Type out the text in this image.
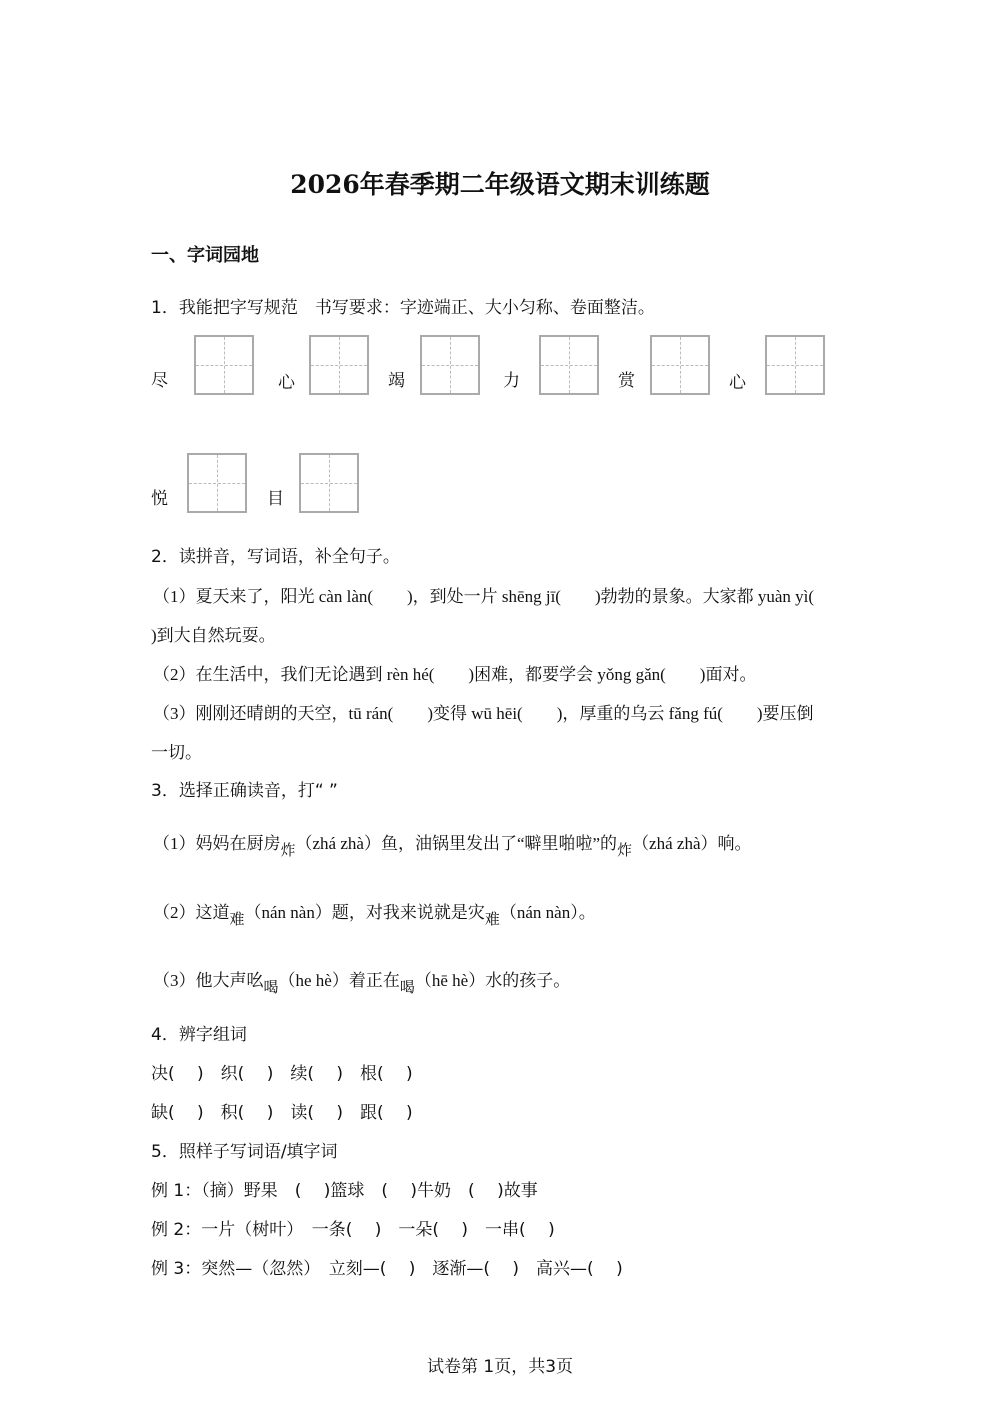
2026年春季期二年级语文期末训练题
一、字词园地
1．我能把字写规范　书写要求：字迹端正、大小匀称、卷面整洁。
尽	心	竭	力	赏	心
悦	目
2．读拼音，写词语，补全句子。
（1）夏天来了，阳光 càn làn(　　)，到处一片 shēng jī(　　)勃勃的景象。大家都 yuàn yì(
)到大自然玩耍。
（2）在生活中，我们无论遇到 rèn hé(　　)困难，都要学会 yǒng gǎn(　　)面对。
（3）刚刚还晴朗的天空，tū rán(　　)变得 wū hēi(　　)，厚重的乌云 fǎng fú(　　)要压倒
一切。
3．选择正确读音，打“ ”
（1）妈妈在厨房炸（zhá zhà）鱼，油锅里发出了“噼里啪啦”的炸（zhá zhà）响。
（2）这道难（nán nàn）题，对我来说就是灾难（nán nàn）。
（3）他大声吆喝（he hè）着正在喝（hē hè）水的孩子。
4．辨字组词
决(　 )　织(　 )　续(　 )　根(　 )
缺(　 )　积(　 )　读(　 )　跟(　 )
5．照样子写词语/填字词
例 1：（摘）野果　(　 )篮球　(　 )牛奶　(　 )故事
例 2：一片（树叶）　一条(　 )　一朵(　 )　一串(　 )
例 3：突然—（忽然）　立刻—(　 )　逐渐—(　 )　高兴—(　 )
试卷第 1页，共3页
